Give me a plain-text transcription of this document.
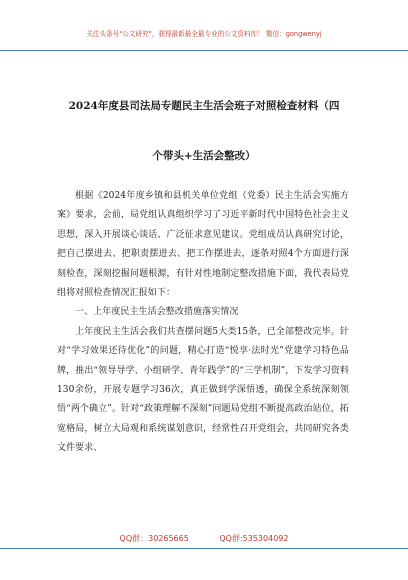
关注头条号"公文研究"，获得最新最全最专业的公文资料库！ 微信：gongwenyj
2024年度县司法局专题民主生活会班子对照检查材料（四
个带头+生活会整改）

根据《2024年度乡镇和县机关单位党组（党委）民主生活会实施方案》要求，会前，局党组认真组织学习了习近平新时代中国特色社会主义思想，深入开展谈心谈话、广泛征求意见建议。党组成员认真研究讨论，把自己摆进去、把职责摆进去、把工作摆进去，逐条对照4个方面进行深刻检查，深刻挖掘问题根源，有针对性地制定整改措施下面，我代表局党组将对照检查情况汇报如下：

一、上年度民主生活会整改措施落实情况

上年度民主生活会我们共查摆问题5大类15条，已全部整改完毕。针对“学习效果还待优化”的问题，精心打造“悦享·法时光”党建学习特色品牌，推出“领导导学、小组研学、青年践学”的“三学机制”，下发学习资料130余份，开展专题学习36次，真正做到学深悟透，确保全系统深刻领悟“两个确立”。针对“政策理解不深刻”问题局党组不断提高政治站位，拓宽格局，树立大局观和系统谋划意识，经常性召开党组会，共同研究各类文件要求、

QQ群：30265665	QQ群:535304092
